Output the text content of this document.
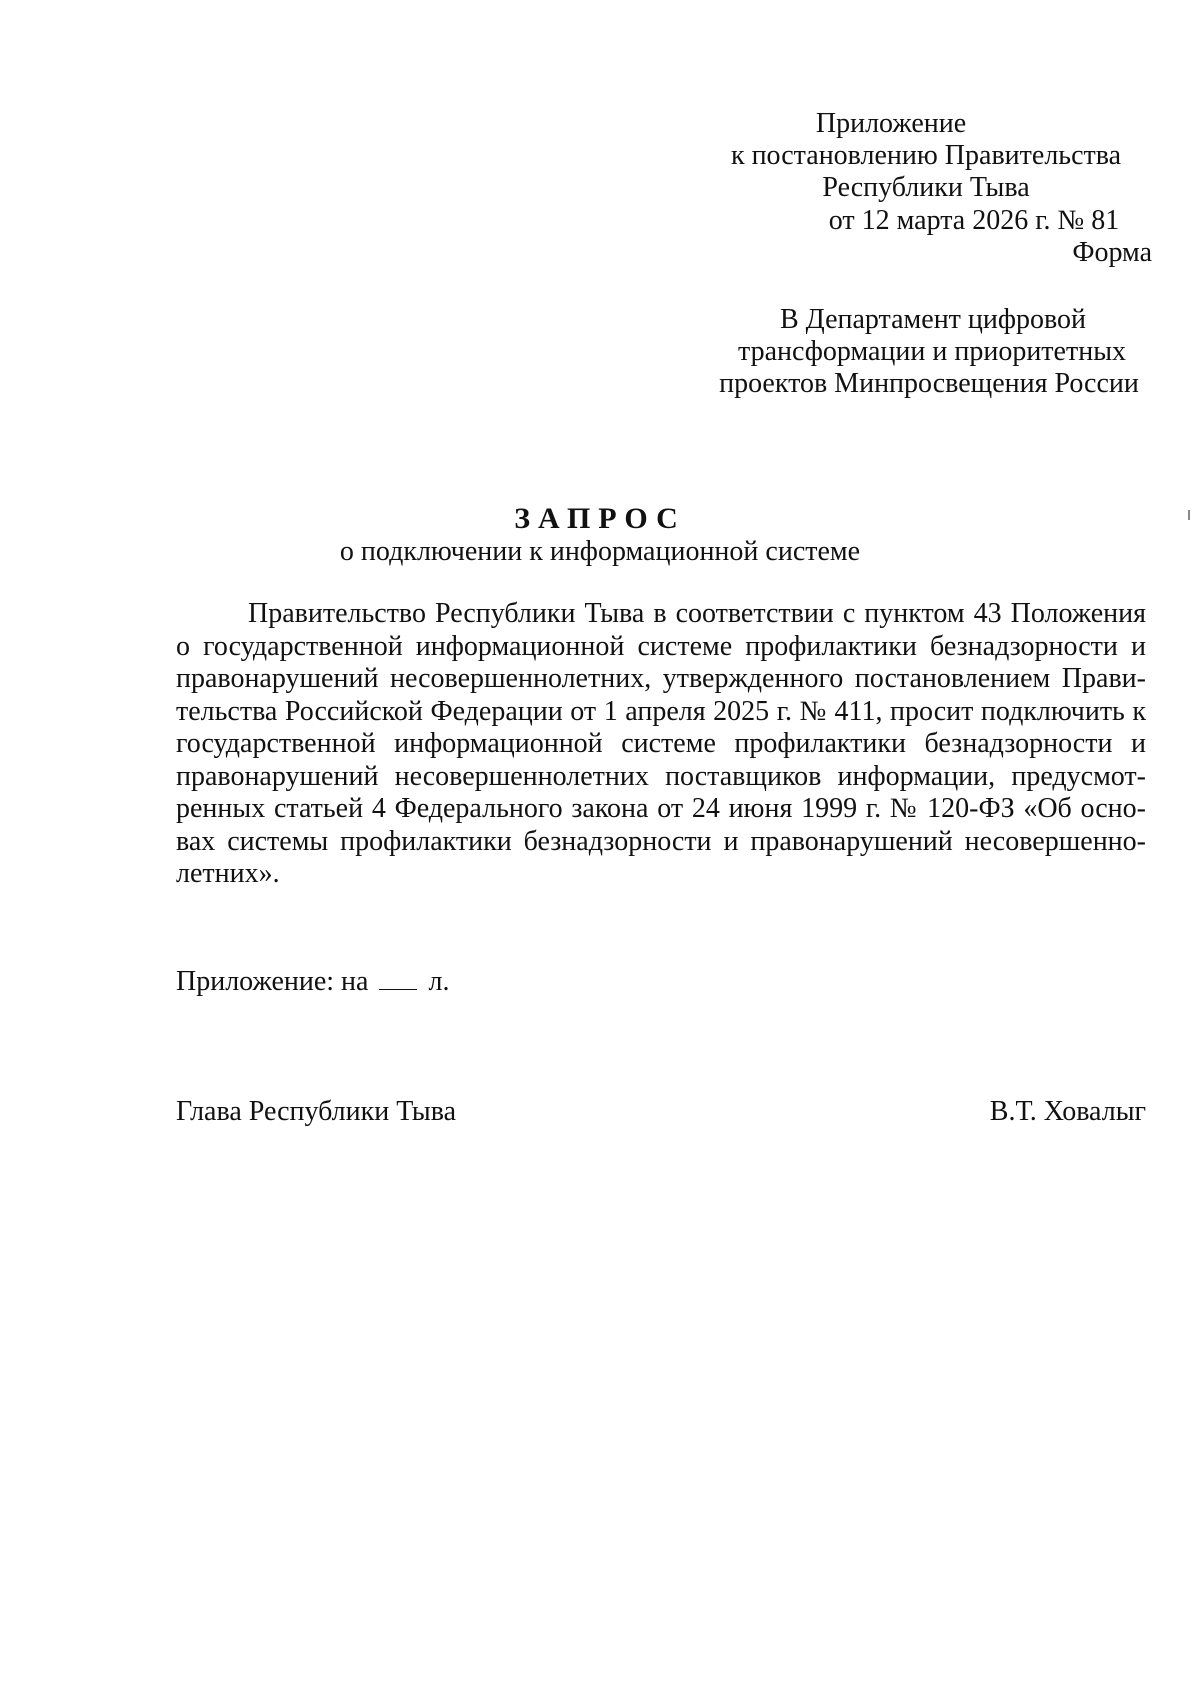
Приложение
к постановлению Правительства
Республики Тыва
от 12 марта 2026 г. № 81
Форма
В Департамент цифровой
трансформации и приоритетных
проектов Минпросвещения России
ЗАПРОС
о подключении к информационной системе

Правительство Республики Тыва в соответствии с пунктом 43 Положения о государственной информационной системе профилактики безнадзорности и правонарушений несовершеннолетних, утвержденного постановлением Правительства Российской Федерации от 1 апреля 2025 г. № 411, просит подключить к государственной информационной системе профилактики безнадзорности и правонарушений несовершеннолетних поставщиков информации, предусмотренных статьей 4 Федерального закона от 24 июня 1999 г. № 120-ФЗ «Об основах системы профилактики безнадзорности и правонарушений несовершеннолетних».

Приложение: на л.
Глава Республики Тыва	В.Т. Ховалыг
